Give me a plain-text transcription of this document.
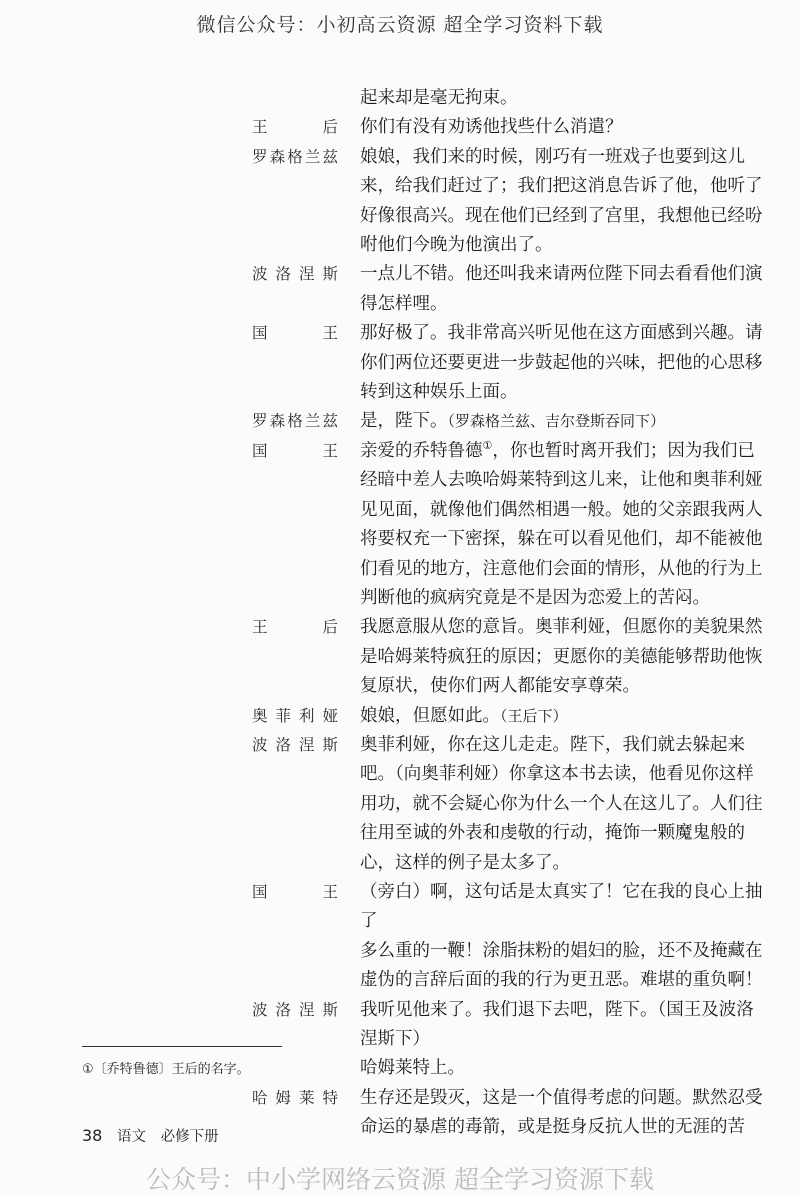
微信公众号：小初高云资源 超全学习资料下载
起来却是毫无拘束。
王	后 你们有没有劝诱他找些什么消遣？
罗 森 格 兰 兹 娘娘，我们来的时候，刚巧有一班戏子也要到这儿
来，给我们赶过了；我们把这消息告诉了他，他听了
好像很高兴。现在他们已经到了宫里，我想他已经吩
咐他们今晚为他演出了。
波 洛 涅 斯 一点儿不错。他还叫我来请两位陛下同去看看他们演
得怎样哩。
国	王 那好极了。我非常高兴听见他在这方面感到兴趣。请
你们两位还要更进一步鼓起他的兴味，把他的心思移
转到这种娱乐上面。
罗 森 格 兰 兹 是，陛下。（罗森格兰兹、吉尔登斯吞同下）
国	王 亲爱的乔特鲁德①，你也暂时离开我们；因为我们已
经暗中差人去唤哈姆莱特到这儿来，让他和奥菲利娅
见见面，就像他们偶然相遇一般。她的父亲跟我两人
将要权充一下密探，躲在可以看见他们，却不能被他
们看见的地方，注意他们会面的情形，从他的行为上
判断他的疯病究竟是不是因为恋爱上的苦闷。
王	后 我愿意服从您的意旨。奥菲利娅，但愿你的美貌果然
是哈姆莱特疯狂的原因；更愿你的美德能够帮助他恢
复原状，使你们两人都能安享尊荣。
奥 菲 利 娅 娘娘，但愿如此。（王后下）
波 洛 涅 斯 奥菲利娅，你在这儿走走。陛下，我们就去躲起来
吧。（向奥菲利娅）你拿这本书去读，他看见你这样
用功，就不会疑心你为什么一个人在这儿了。人们往
往用至诚的外表和虔敬的行动，掩饰一颗魔鬼般的
心，这样的例子是太多了。
国	王 （旁白）啊，这句话是太真实了！它在我的良心上抽了
多么重的一鞭！涂脂抹粉的娼妇的脸，还不及掩藏在
虚伪的言辞后面的我的行为更丑恶。难堪的重负啊！
波 洛 涅 斯 我听见他来了。我们退下去吧，陛下。（国王及波洛
涅斯下）
哈姆莱特上。
哈 姆 莱 特 生存还是毁灭，这是一个值得考虑的问题。默然忍受
命运的暴虐的毒箭，或是挺身反抗人世的无涯的苦
①〔乔特鲁德〕王后的名字。
38 语文 必修下册
公众号：中小学网络云资源 超全学习资源下载
